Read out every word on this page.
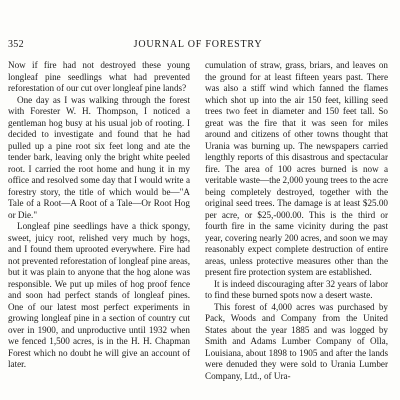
352	JOURNAL OF FORESTRY

Now if fire had not destroyed these young longleaf pine seedlings what had prevented reforestation of our cut over longleaf pine lands?

One day as I was walking through the forest with Forester W. H. Thompson, I noticed a gentleman hog busy at his usual job of rooting. I decided to investigate and found that he had pulled up a pine root six feet long and ate the tender bark, leaving only the bright white peeled root. I carried the root home and hung it in my office and resolved some day that I would write a forestry story, the title of which would be—"A Tale of a Root—A Root of a Tale—Or Root Hog or Die."

Longleaf pine seedlings have a thick spongy, sweet, juicy root, relished very much by hogs, and I found them uprooted everywhere. Fire had not prevented reforestation of longleaf pine areas, but it was plain to anyone that the hog alone was responsible. We put up miles of hog proof fence and soon had perfect stands of longleaf pines. One of our latest most perfect experiments in growing longleaf pine in a section of country cut over in 1900, and unproductive until 1932 when we fenced 1,500 acres, is in the H. H. Chapman Forest which no doubt he will give an account of later.

cumulation of straw, grass, briars, and leaves on the ground for at least fifteen years past. There was also a stiff wind which fanned the flames which shot up into the air 150 feet, killing seed trees two feet in diameter and 150 feet tall. So great was the fire that it was seen for miles around and citizens of other towns thought that Urania was burning up. The newspapers carried lengthly reports of this disastrous and spectacular fire. The area of 100 acres burned is now a veritable waste—the 2,000 young trees to the acre being completely destroyed, together with the original seed trees. The damage is at least $25.00 per acre, or $25,-000.00. This is the third or fourth fire in the same vicinity during the past year, covering nearly 200 acres, and soon we may reasonably expect complete destruction of entire areas, unless protective measures other than the present fire protection system are established.

It is indeed discouraging after 32 years of labor to find these burned spots now a desert waste.

This forest of 4,000 acres was purchased by Pack, Woods and Company from the United States about the year 1885 and was logged by Smith and Adams Lumber Company of Olla, Louisiana, about 1898 to 1905 and after the lands were denuded they were sold to Urania Lumber Company, Ltd., of Ura-
